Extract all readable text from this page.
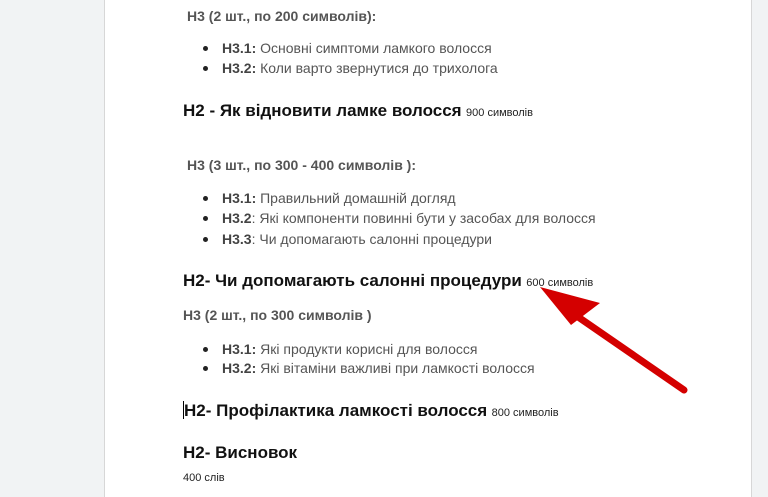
Н3 (2 шт., по 200 символів):
Н3.1: Основні симптоми ламкого волосся
Н3.2: Коли варто звернутися до трихолога
Н2 - Як відновити ламке волосся 900 символів
Н3 (3 шт., по 300 - 400 символів ):
Н3.1: Правильний домашній догляд
Н3.2: Які компоненти повинні бути у засобах для волосся
Н3.3: Чи допомагають салонні процедури
Н2- Чи допомагають салонні процедури 600 символів
Н3 (2 шт., по 300 символів )
Н3.1: Які продукти корисні для волосся
Н3.2: Які вітаміни важливі при ламкості волосся
Н2- Профілактика ламкості волосся 800 символів
Н2- Висновок
400 слів
